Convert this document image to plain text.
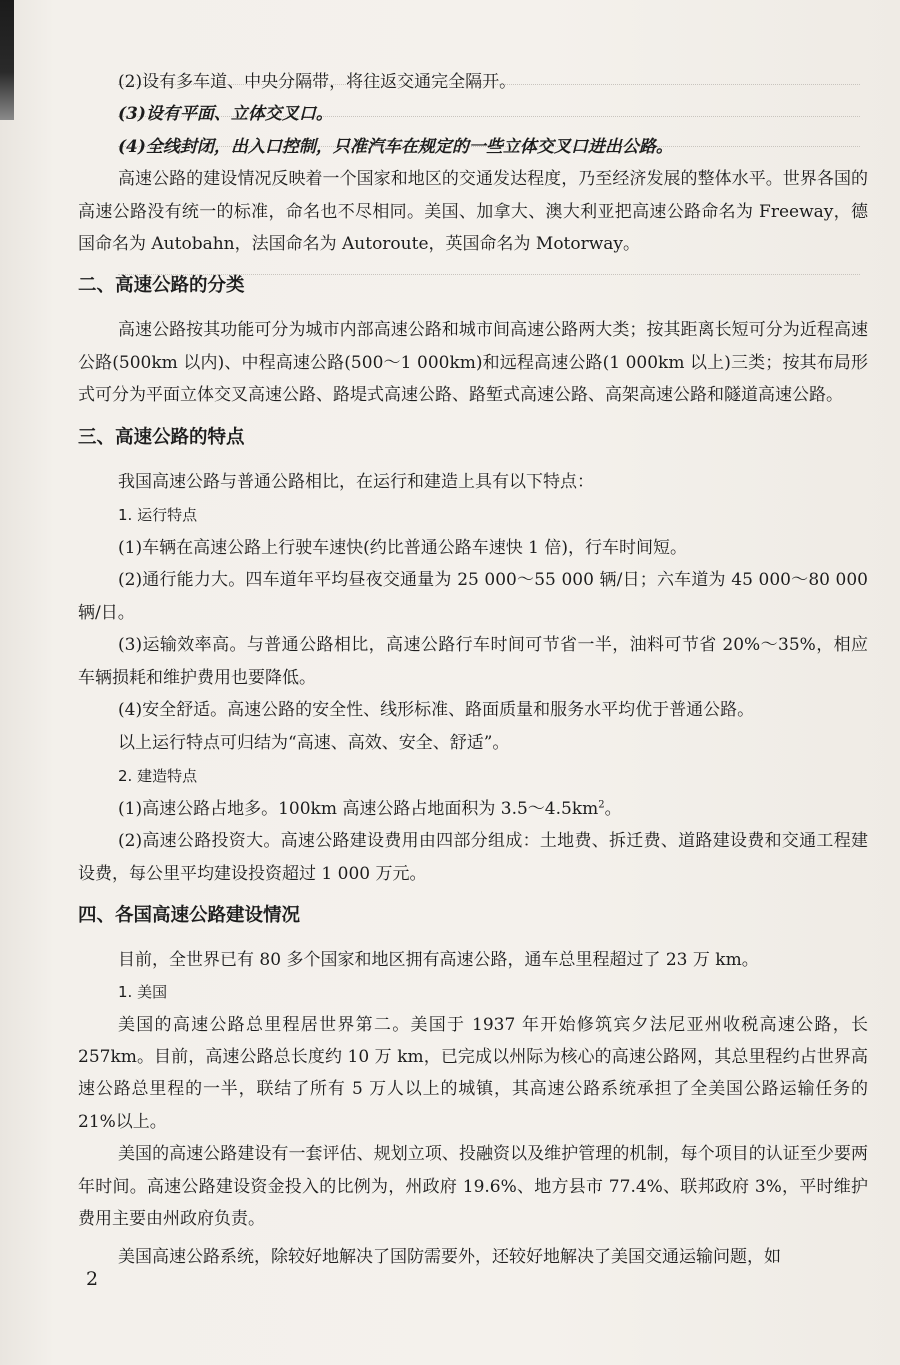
(2)设有多车道、中央分隔带，将往返交通完全隔开。

(3)设有平面、立体交叉口。

(4)全线封闭，出入口控制，只准汽车在规定的一些立体交叉口进出公路。

高速公路的建设情况反映着一个国家和地区的交通发达程度，乃至经济发展的整体水平。世界各国的高速公路没有统一的标准，命名也不尽相同。美国、加拿大、澳大利亚把高速公路命名为 Freeway，德国命名为 Autobahn，法国命名为 Autoroute，英国命名为 Motorway。

二、高速公路的分类

高速公路按其功能可分为城市内部高速公路和城市间高速公路两大类；按其距离长短可分为近程高速公路(500km 以内)、中程高速公路(500～1 000km)和远程高速公路(1 000km 以上)三类；按其布局形式可分为平面立体交叉高速公路、路堤式高速公路、路堑式高速公路、高架高速公路和隧道高速公路。

三、高速公路的特点

我国高速公路与普通公路相比，在运行和建造上具有以下特点：

1. 运行特点

(1)车辆在高速公路上行驶车速快(约比普通公路车速快 1 倍)，行车时间短。

(2)通行能力大。四车道年平均昼夜交通量为 25 000～55 000 辆/日；六车道为 45 000～80 000 辆/日。

(3)运输效率高。与普通公路相比，高速公路行车时间可节省一半，油料可节省 20%～35%，相应车辆损耗和维护费用也要降低。

(4)安全舒适。高速公路的安全性、线形标准、路面质量和服务水平均优于普通公路。

以上运行特点可归结为“高速、高效、安全、舒适”。

2. 建造特点

(1)高速公路占地多。100km 高速公路占地面积为 $3.5\sim 4.5km^2$。

(2)高速公路投资大。高速公路建设费用由四部分组成：土地费、拆迁费、道路建设费和交通工程建设费，每公里平均建设投资超过 1 000 万元。

四、各国高速公路建设情况

目前，全世界已有 80 多个国家和地区拥有高速公路，通车总里程超过了 23 万 km。

1. 美国

美国的高速公路总里程居世界第二。美国于 1937 年开始修筑宾夕法尼亚州收税高速公路，长 257km。目前，高速公路总长度约 10 万 km，已完成以州际为核心的高速公路网，其总里程约占世界高速公路总里程的一半，联结了所有 5 万人以上的城镇，其高速公路系统承担了全美国公路运输任务的 21%以上。

美国的高速公路建设有一套评估、规划立项、投融资以及维护管理的机制，每个项目的认证至少要两年时间。高速公路建设资金投入的比例为，州政府 19.6%、地方县市 77.4%、联邦政府 3%，平时维护费用主要由州政府负责。

美国高速公路系统，除较好地解决了国防需要外，还较好地解决了美国交通运输问题，如

2
